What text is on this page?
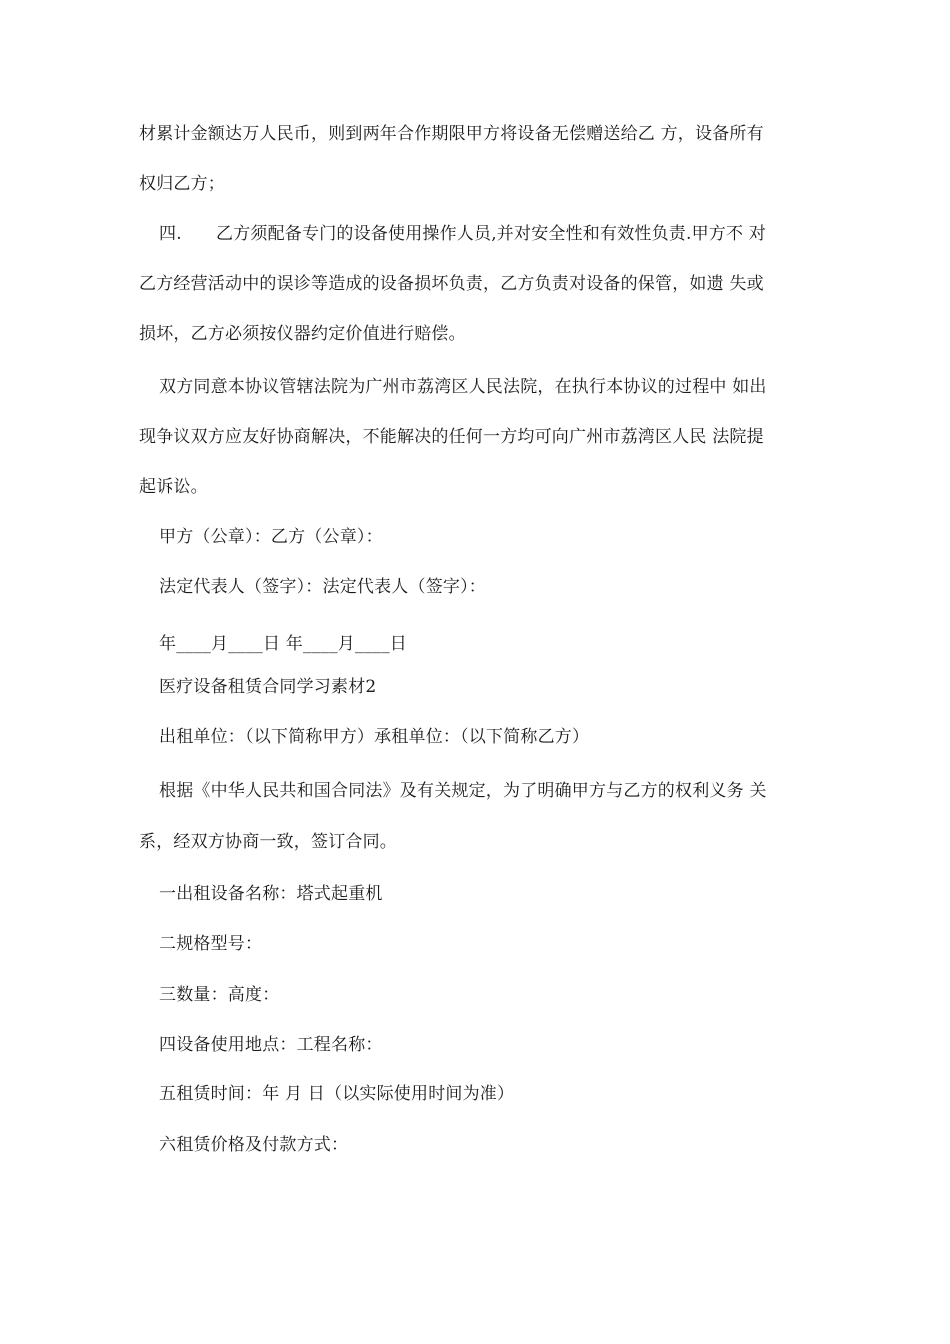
材累计金额达万人民币，则到两年合作期限甲方将设备无偿赠送给乙 方，设备所有
权归乙方；
四. 乙方须配备专门的设备使用操作人员,并对安全性和有效性负责.甲方不 对
乙方经营活动中的误诊等造成的设备损坏负责，乙方负责对设备的保管，如遗 失或
损坏，乙方必须按仪器约定价值进行赔偿。
双方同意本协议管辖法院为广州市荔湾区人民法院，在执行本协议的过程中 如出
现争议双方应友好协商解决，不能解决的任何一方均可向广州市荔湾区人民 法院提
起诉讼。
甲方（公章）：乙方（公章）：
法定代表人（签字）：法定代表人（签字）：
年____月____日 年____月____日
医疗设备租赁合同学习素材2
出租单位：（以下简称甲方）承租单位：（以下简称乙方）
根据《中华人民共和国合同法》及有关规定，为了明确甲方与乙方的权利义务 关
系，经双方协商一致，签订合同。
一出租设备名称：塔式起重机
二规格型号：
三数量：高度：
四设备使用地点：工程名称：
五租赁时间：年 月 日（以实际使用时间为准）
六租赁价格及付款方式：
